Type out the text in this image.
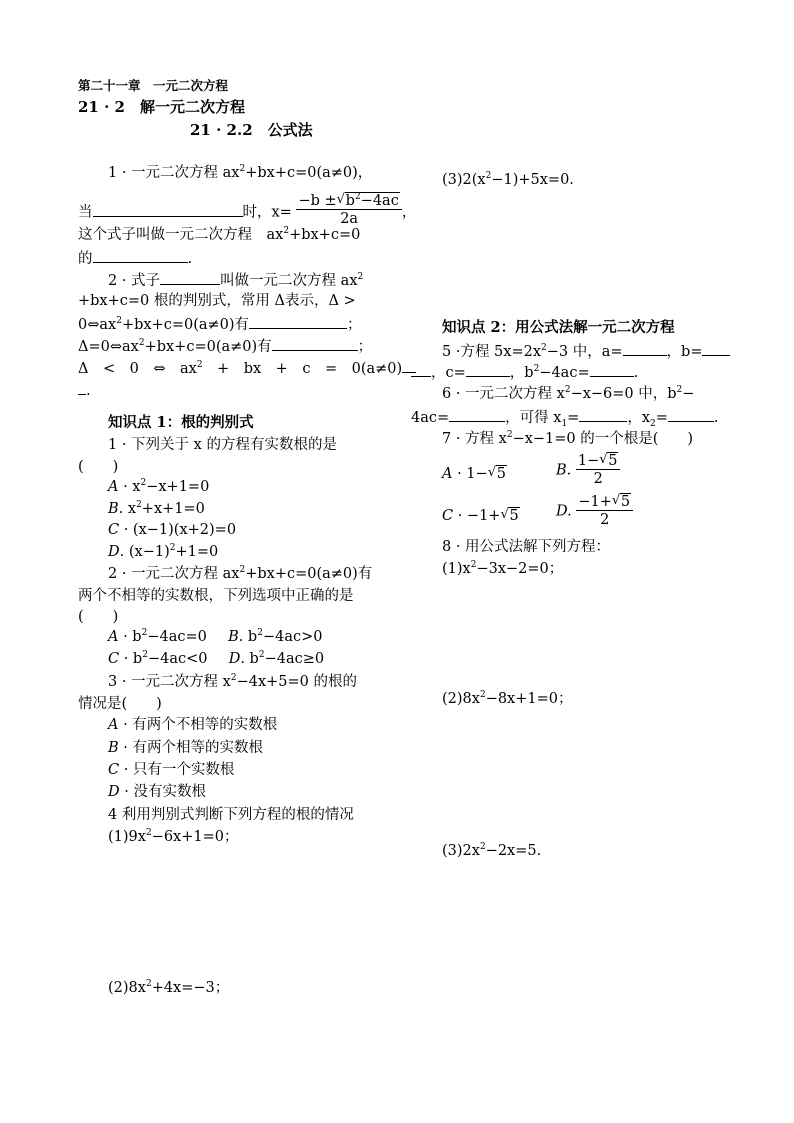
第二十一章　一元二次方程
21 · 2　解一元二次方程
21 · 2.2　公式法
1 · 一元二次方程 $ax^2+bx+c=0(a\ne 0)$，
当	时，$x= \frac{-b \pm √ b^2-4ac}{2a}$ ，
这个式子叫做一元二次方程　$ax^2+bx+c=0$
的	.
2 · 式子	叫做一元二次方程 $ax^2$
+bx+c=0 根的判别式，常用 Δ表示，Δ >
$0\Leftrightarrow ax^2+bx+c=0(a\ne 0)$有	；
$\Delta=0\Leftrightarrow ax^2+bx+c=0(a\ne 0)$有	；
Δ　<　0　⇔　$ax^2$　+　bx　+　c　=　0(a≠0)
.
知识点 1：根的判别式
1 · 下列关于 x 的方程有实数根的是
(　　)
$A \cdot x^2-x+1=0$
B. $x^2+x+1=0$
C · (x−1)(x+2)=0
D. $(x-1)^2+1=0$
2 · 一元二次方程 $ax^2+bx+c=0(a\ne 0)$有
两个不相等的实数根，下列选项中正确的是
(　　)
$A \cdot b^2-4ac=0$ B. $b^2-4ac>0$
$C \cdot b^2-4ac<0$ D. $b^2-4ac\ge 0$
3 · 一元二次方程 $x^2-4x+5=0$ 的根的
情况是(　　)
A · 有两个不相等的实数根
B · 有两个相等的实数根
C · 只有一个实数根
D · 没有实数根
4 利用判别式判断下列方程的根的情况
$(1)9x^2-6x+1=0$；
$(2)8x^2+4x=-3$；
$(3)2(x^2-1)+5x=0$.
知识点 2：用公式法解一元二次方程
5 ·方程 $5x=2x^2-3$ 中，a=	，b=
，c=	，$b^2-4ac=$	.
6 · 一元二次方程 $x^2-x-6=0$ 中，$b^2-$
4ac=	，可得 $x_1=$	，$x_2=$	.
7 · 方程 $x^2-x-1=0$ 的一个根是(　　)
A · 1− √ 5	B. $\frac{1- √ 5}{2}$
C · −1+ √ 5	D. $\frac{-1+ √ 5}{2}$
8 · 用公式法解下列方程：
$(1)x^2-3x-2=0$；
$(2)8x^2-8x+1=0$；
$(3)2x^2-2x=5$.
